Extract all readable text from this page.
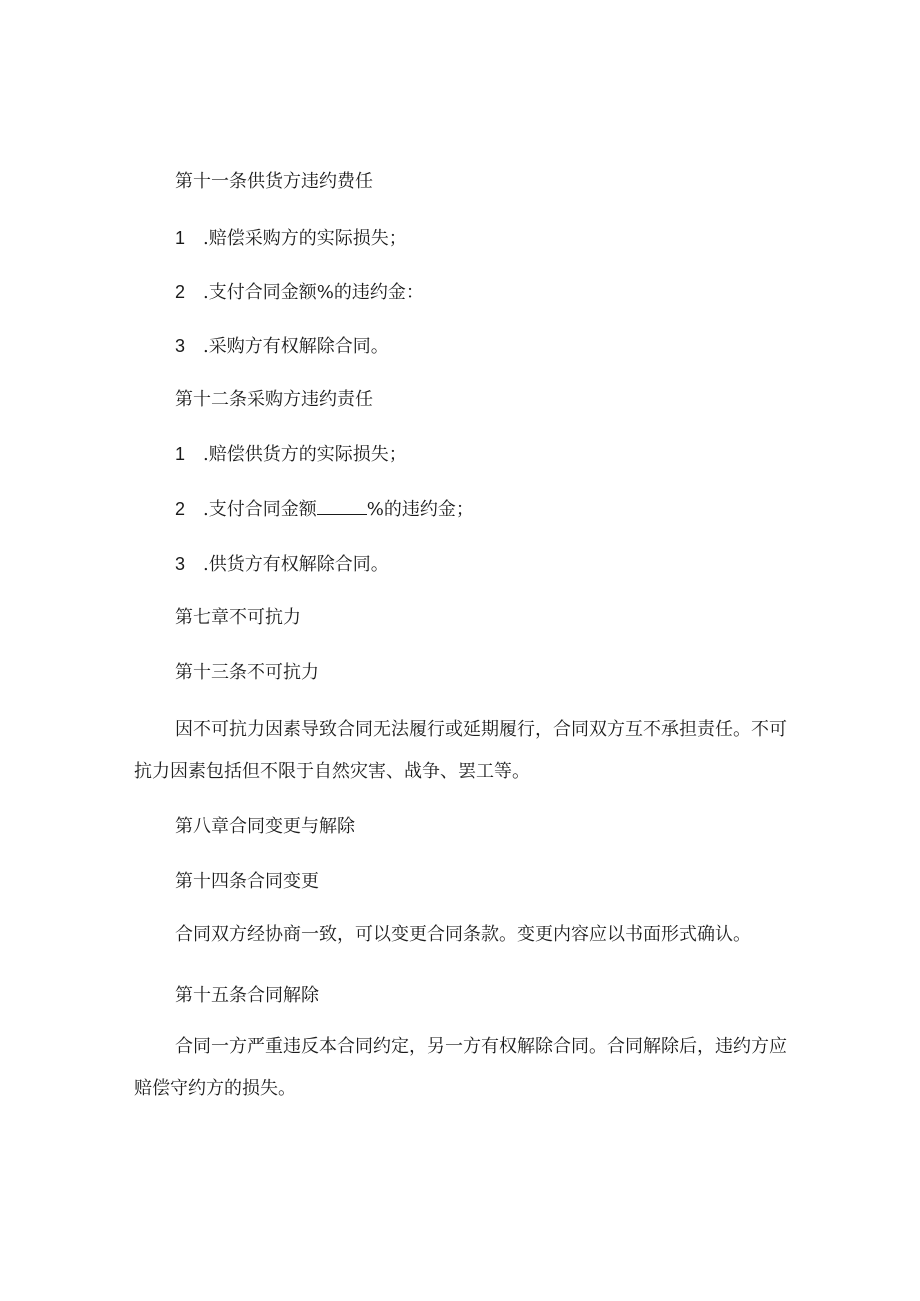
第十一条供货方违约费任
1 .赔偿采购方的实际损失；
2 .支付合同金额%的违约金：
3 .采购方有权解除合同。
第十二条采购方违约责任
1 .赔偿供货方的实际损失；
2 .支付合同金额	%的违约金；
3 .供货方有权解除合同。
第七章不可抗力
第十三条不可抗力
因不可抗力因素导致合同无法履行或延期履行，合同双方互不承担责任。不可抗力因素包括但不限于自然灾害、战争、罢工等。
第八章合同变更与解除
第十四条合同变更
合同双方经协商一致，可以变更合同条款。变更内容应以书面形式确认。
第十五条合同解除
合同一方严重违反本合同约定，另一方有权解除合同。合同解除后，违约方应赔偿守约方的损失。
